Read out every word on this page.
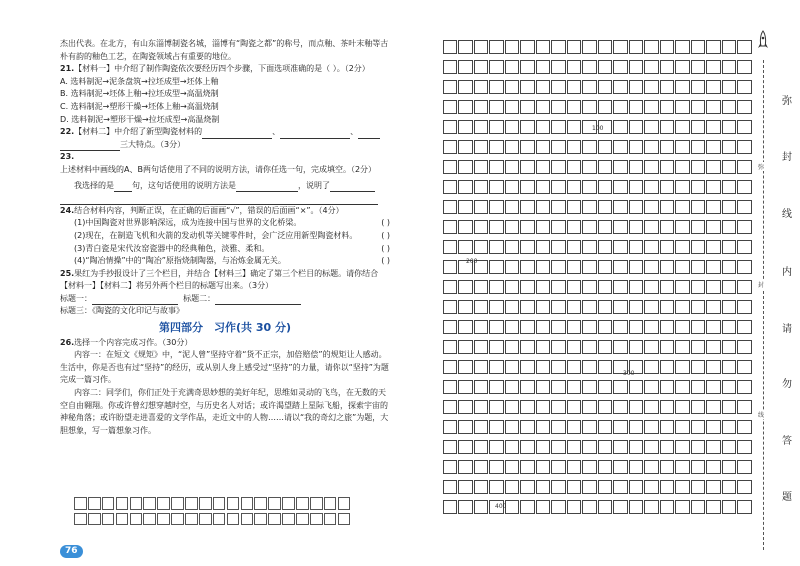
杰出代表。在北方，有山东淄博制瓷名城，淄博有“陶瓷之都”的称号，而点釉、茶叶末釉等古朴有韵的釉色工艺，在陶瓷领域占有重要的地位。

21.【材料一】中介绍了制作陶瓷依次要经历四个步骤，下面选项准确的是（ ）。（2分）

A. 选料制泥→泥条盘筑→拉坯成型→坯体上釉

B. 选料制泥→坯体上釉→拉坯成型→高温烧制

C. 选料制泥→塑形干燥→坯体上釉→高温烧制

D. 选料制泥→塑形干燥→拉坯成型→高温烧制

22.【材料二】中介绍了新型陶瓷材料的	、	、

三大特点。（3分）

23.上述材料中画线的A、B两句话使用了不同的说明方法，请你任选一句，完成填空。（2分）

我选择的是 句，这句话使用的说明方法是	，说明了

24.结合材料内容，判断正误，在正确的后面画“√”，错误的后面画“×”。（4分）

(1)中国陶瓷对世界影响深远，成为连接中国与世界的文化桥梁。	( )
(2)现在，在制造飞机和火箭的发动机等关键零件时，会广泛应用新型陶瓷材料。	( )
(3)青白瓷是宋代汝窑瓷器中的经典釉色，淡雅、柔和。	( )
(4)“陶冶情操”中的“陶冶”原指烧制陶器，与冶炼金属无关。	( )

25.果红为手抄报设计了三个栏目，并结合【材料三】确定了第三个栏目的标题。请你结合【材料一】【材料二】将另外两个栏目的标题写出来。（3分）

标题一：	标题二：

标题三：《陶瓷的文化印记与故事》

第四部分　习作(共 30 分)

26.选择一个内容完成习作。（30分）

内容一：在短文《规矩》中，“泥人曾”坚持守着“货不正宗，加倍赔偿”的规矩让人感动。生活中，你是否也有过“坚持”的经历，或从别人身上感受过“坚持”的力量，请你以“坚持”为题完成一篇习作。

内容二：同学们，你们正处于充满奇思妙想的美好年纪，思维如灵动的飞鸟，在无数的天空自由翱翔。你或许曾幻想穿越时空，与历史名人对话；或许渴望踏上星际飞船，探索宇宙的神秘角落；或许盼望走进喜爱的文学作品，走近文中的人物……请以“我的奇幻之旅”为题，大胆想象，写一篇想象习作。

76
100
200
300
400
弥
封
线
内
请
勿
答
题
弥
封
线
